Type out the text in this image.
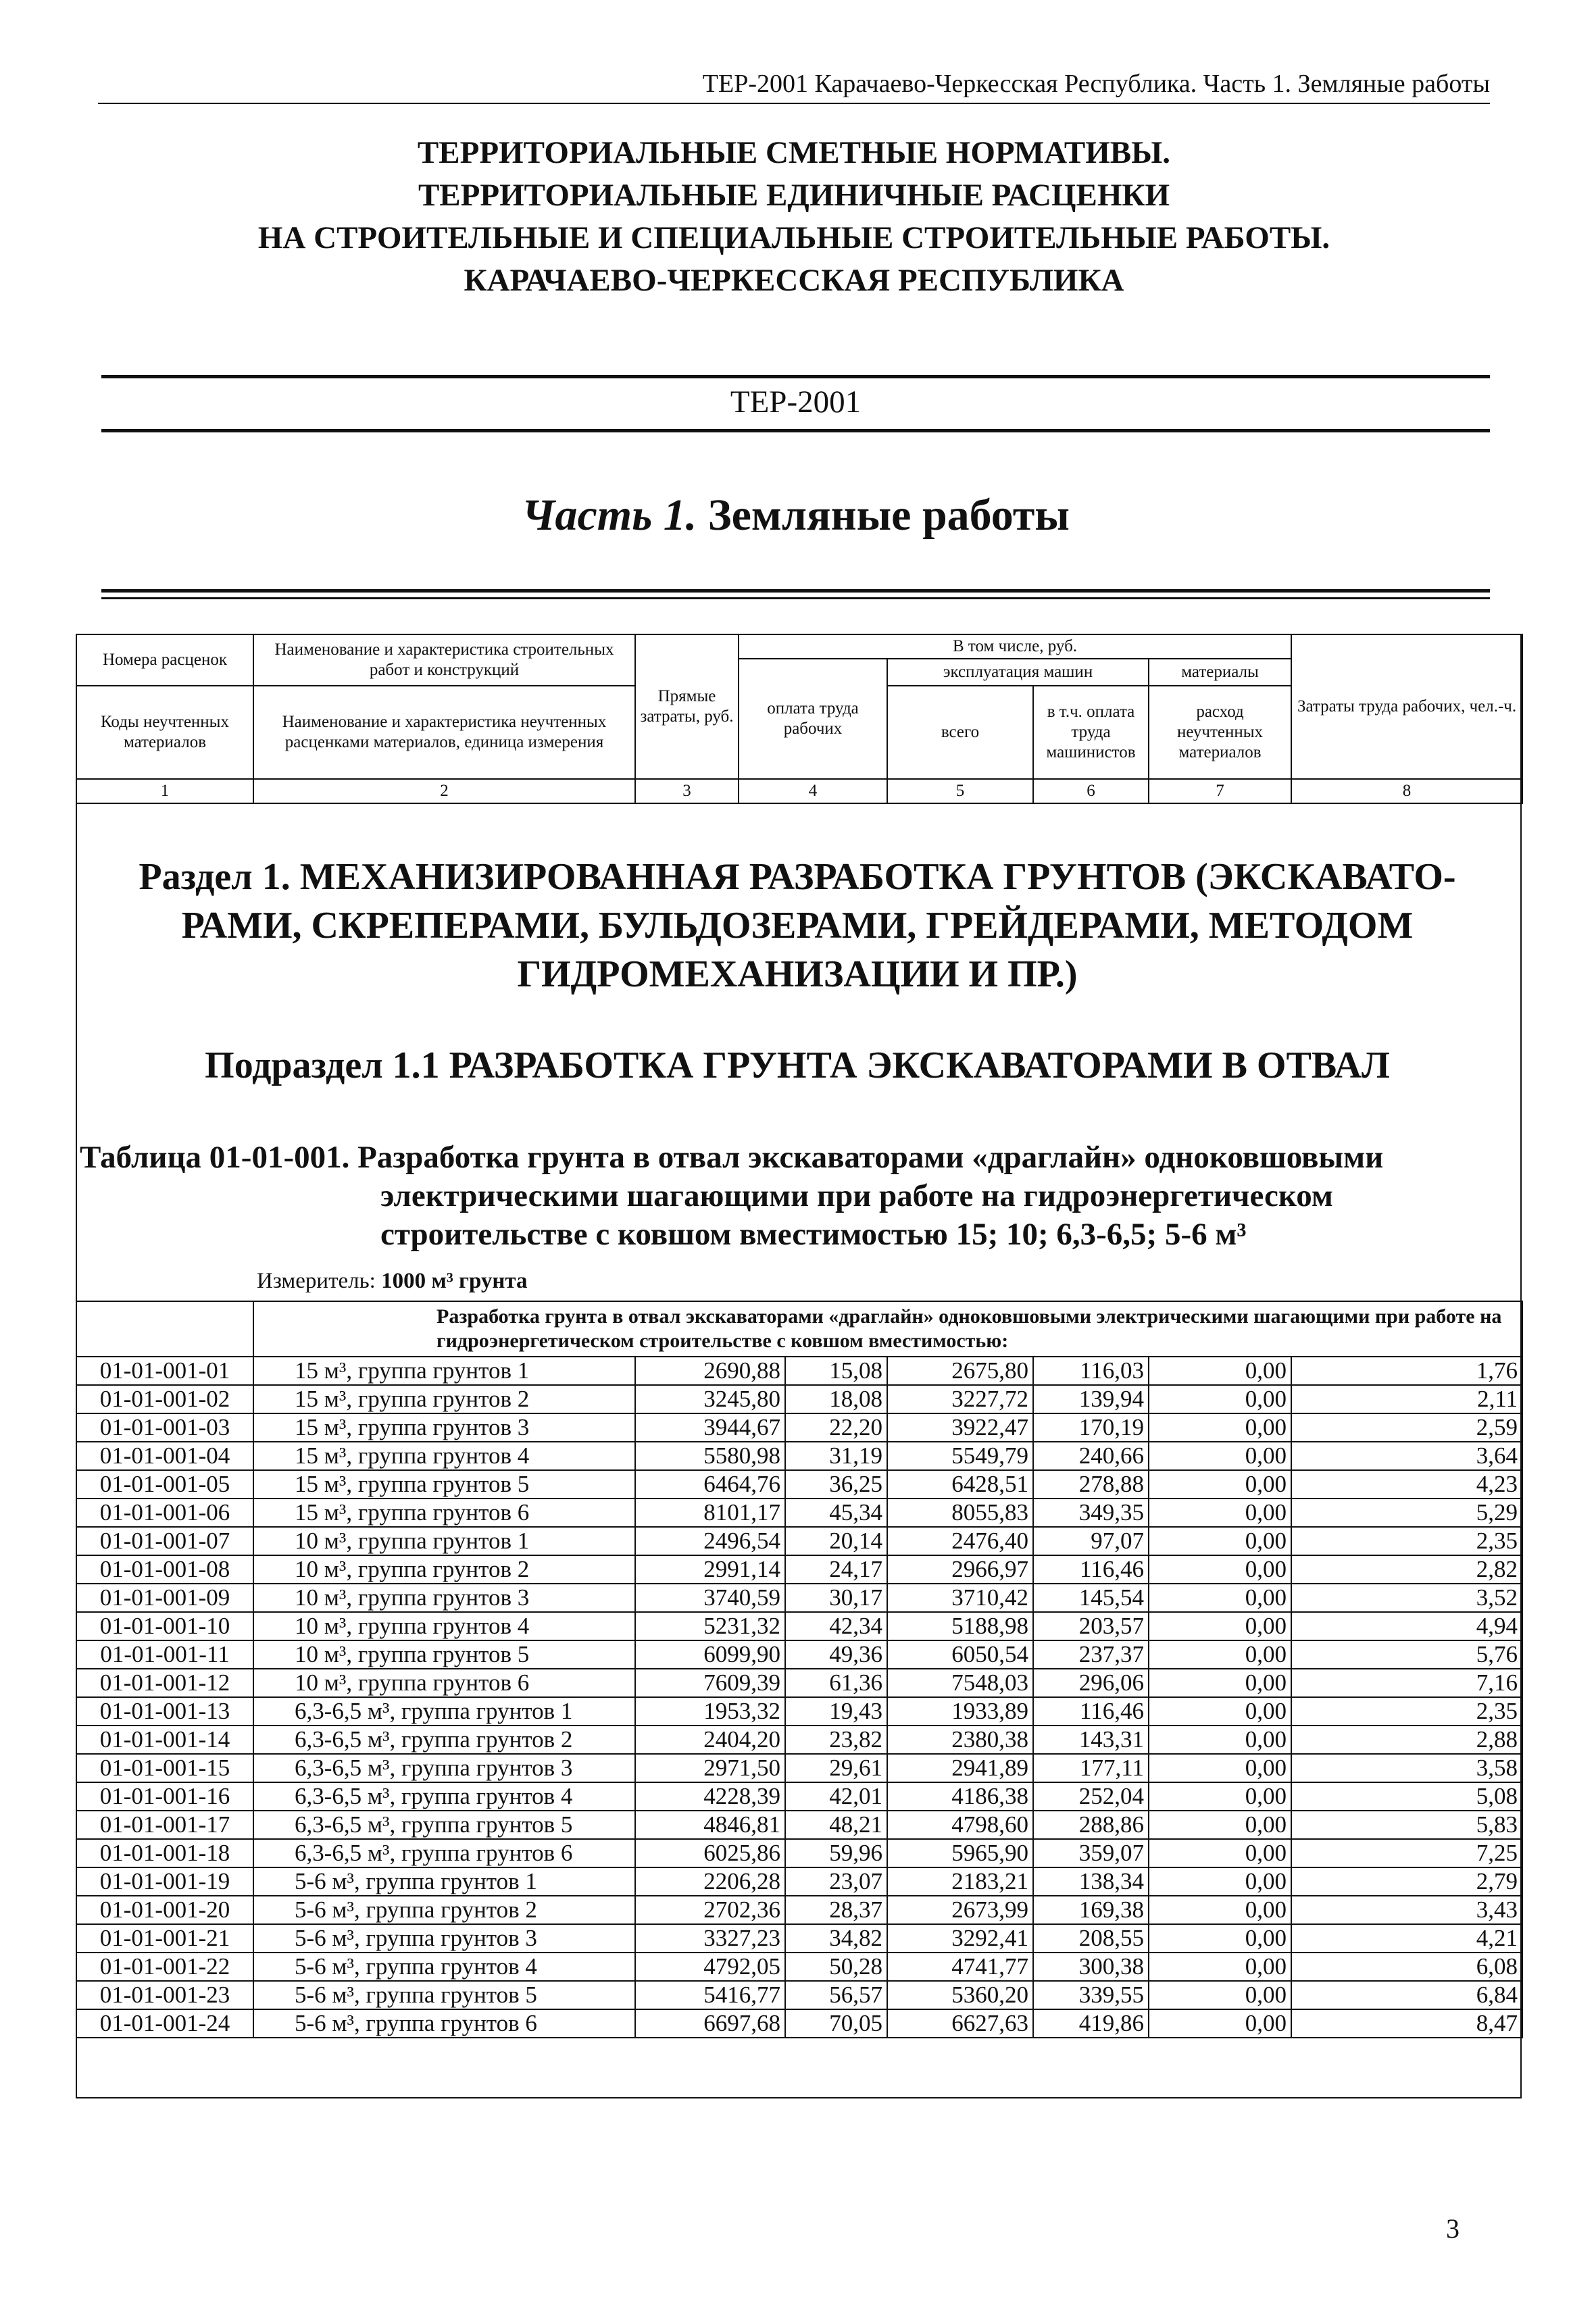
ТЕР-2001 Карачаево-Черкесская Республика. Часть 1. Земляные работы
ТЕРРИТОРИАЛЬНЫЕ СМЕТНЫЕ НОРМАТИВЫ.
ТЕРРИТОРИАЛЬНЫЕ ЕДИНИЧНЫЕ РАСЦЕНКИ
НА СТРОИТЕЛЬНЫЕ И СПЕЦИАЛЬНЫЕ СТРОИТЕЛЬНЫЕ РАБОТЫ.
КАРАЧАЕВО-ЧЕРКЕССКАЯ РЕСПУБЛИКА
ТЕР-2001
Часть 1. Земляные работы
Номера расценок	Наименование и характеристика строительных работ и конструкций	Прямые затраты, руб.	В том числе, руб.				Затраты труда рабочих, чел.-ч.
			оплата труда рабочих	эксплуатация машин		материалы	
Коды неучтенных материалов	Наименование и характеристика неучтенных расценками материалов, единица измерения			всего	в т.ч. оплата труда машинистов	расход неучтенных материалов	

1	2	3	4	5	6	7	8
Раздел 1. МЕХАНИЗИРОВАННАЯ РАЗРАБОТКА ГРУНТОВ (ЭКСКАВАТО-
РАМИ, СКРЕПЕРАМИ, БУЛЬДОЗЕРАМИ, ГРЕЙДЕРАМИ, МЕТОДОМ
ГИДРОМЕХАНИЗАЦИИ И ПР.)
Подраздел 1.1 РАЗРАБОТКА ГРУНТА ЭКСКАВАТОРАМИ В ОТВАЛ
Таблица 01-01-001. Разработка грунта в отвал экскаваторами «драглайн» одноковшовыми
электрическими шагающими при работе на гидроэнергетическом
строительстве с ковшом вместимостью 15; 10; 6,3-6,5; 5-6 м³
Измеритель: 1000 м³ грунта
	Разработка грунта в отвал экскаваторами «драглайн» одноковшовыми электрическими шагающими при работе на гидроэнергетическом строительстве с ковшом вместимостью:						
01-01-001-01	15 м³, группа грунтов 1	2690,88	15,08	2675,80	116,03	0,00	1,76
01-01-001-02	15 м³, группа грунтов 2	3245,80	18,08	3227,72	139,94	0,00	2,11
01-01-001-03	15 м³, группа грунтов 3	3944,67	22,20	3922,47	170,19	0,00	2,59
01-01-001-04	15 м³, группа грунтов 4	5580,98	31,19	5549,79	240,66	0,00	3,64
01-01-001-05	15 м³, группа грунтов 5	6464,76	36,25	6428,51	278,88	0,00	4,23
01-01-001-06	15 м³, группа грунтов 6	8101,17	45,34	8055,83	349,35	0,00	5,29
01-01-001-07	10 м³, группа грунтов 1	2496,54	20,14	2476,40	97,07	0,00	2,35
01-01-001-08	10 м³, группа грунтов 2	2991,14	24,17	2966,97	116,46	0,00	2,82
01-01-001-09	10 м³, группа грунтов 3	3740,59	30,17	3710,42	145,54	0,00	3,52
01-01-001-10	10 м³, группа грунтов 4	5231,32	42,34	5188,98	203,57	0,00	4,94
01-01-001-11	10 м³, группа грунтов 5	6099,90	49,36	6050,54	237,37	0,00	5,76
01-01-001-12	10 м³, группа грунтов 6	7609,39	61,36	7548,03	296,06	0,00	7,16
01-01-001-13	6,3-6,5 м³, группа грунтов 1	1953,32	19,43	1933,89	116,46	0,00	2,35
01-01-001-14	6,3-6,5 м³, группа грунтов 2	2404,20	23,82	2380,38	143,31	0,00	2,88
01-01-001-15	6,3-6,5 м³, группа грунтов 3	2971,50	29,61	2941,89	177,11	0,00	3,58
01-01-001-16	6,3-6,5 м³, группа грунтов 4	4228,39	42,01	4186,38	252,04	0,00	5,08
01-01-001-17	6,3-6,5 м³, группа грунтов 5	4846,81	48,21	4798,60	288,86	0,00	5,83
01-01-001-18	6,3-6,5 м³, группа грунтов 6	6025,86	59,96	5965,90	359,07	0,00	7,25
01-01-001-19	5-6 м³, группа грунтов 1	2206,28	23,07	2183,21	138,34	0,00	2,79
01-01-001-20	5-6 м³, группа грунтов 2	2702,36	28,37	2673,99	169,38	0,00	3,43
01-01-001-21	5-6 м³, группа грунтов 3	3327,23	34,82	3292,41	208,55	0,00	4,21
01-01-001-22	5-6 м³, группа грунтов 4	4792,05	50,28	4741,77	300,38	0,00	6,08
01-01-001-23	5-6 м³, группа грунтов 5	5416,77	56,57	5360,20	339,55	0,00	6,84
01-01-001-24	5-6 м³, группа грунтов 6	6697,68	70,05	6627,63	419,86	0,00	8,47
3
